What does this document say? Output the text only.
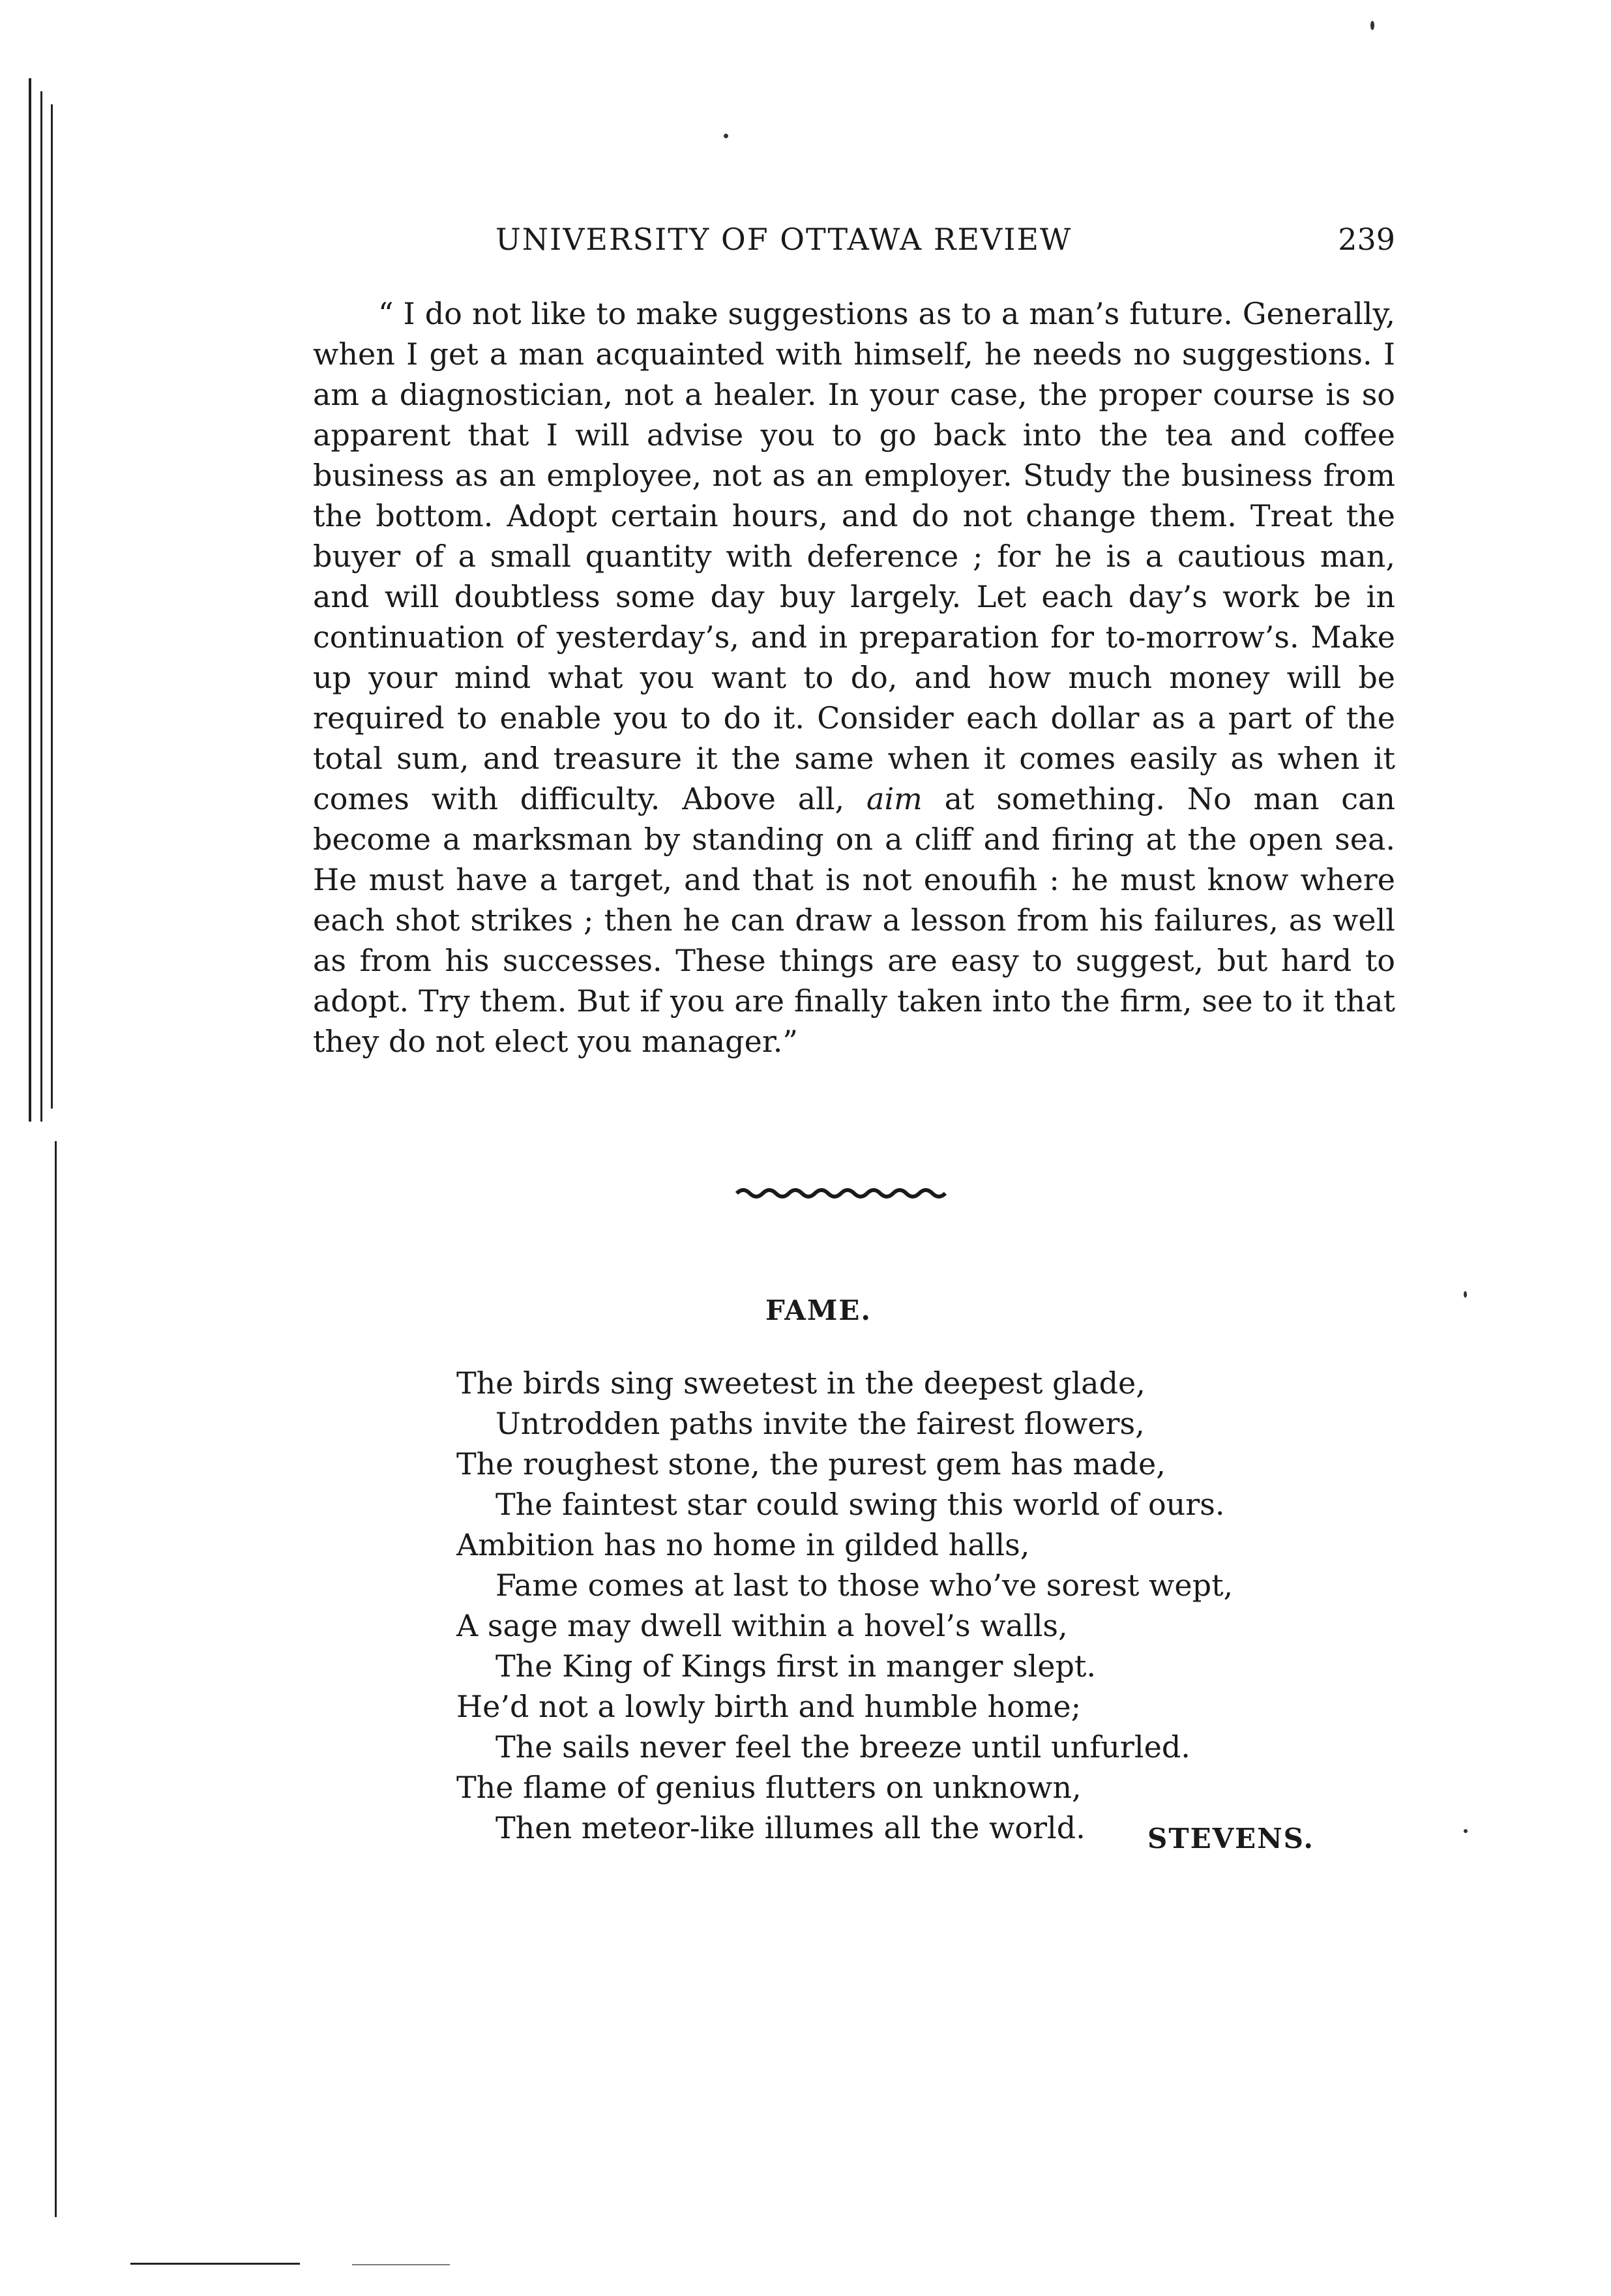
UNIVERSITY OF OTTAWA REVIEW	239

“ I do not like to make suggestions as to a man’s future. Generally, when I get a man acquainted with himself, he needs no suggestions. I am a diagnostician, not a healer. In your case, the proper course is so apparent that I will advise you to go back into the tea and coffee business as an employee, not as an employer. Study the business from the bottom. Adopt certain hours, and do not change them. Treat the buyer of a small quantity with deference ; for he is a cautious man, and will doubtless some day buy largely. Let each day’s work be in continuation of yesterday’s, and in preparation for to-morrow’s. Make up your mind what you want to do, and how much money will be required to enable you to do it. Consider each dollar as a part of the total sum, and treasure it the same when it comes easily as when it comes with difficulty. Above all, aim at something. No man can become a marksman by standing on a cliff and firing at the open sea. He must have a target, and that is not enoufih : he must know where each shot strikes ; then he can draw a lesson from his failures, as well as from his successes. These things are easy to suggest, but hard to adopt. Try them. But if you are finally taken into the firm, see to it that they do not elect you manager.”

FAME.
The birds sing sweetest in the deepest glade,
Untrodden paths invite the fairest flowers,
The roughest stone, the purest gem has made,
The faintest star could swing this world of ours.
Ambition has no home in gilded halls,
Fame comes at last to those who’ve sorest wept,
A sage may dwell within a hovel’s walls,
The King of Kings first in manger slept.
He’d not a lowly birth and humble home;
The sails never feel the breeze until unfurled.
The flame of genius flutters on unknown,
Then meteor-like illumes all the world.	STEVENS.
